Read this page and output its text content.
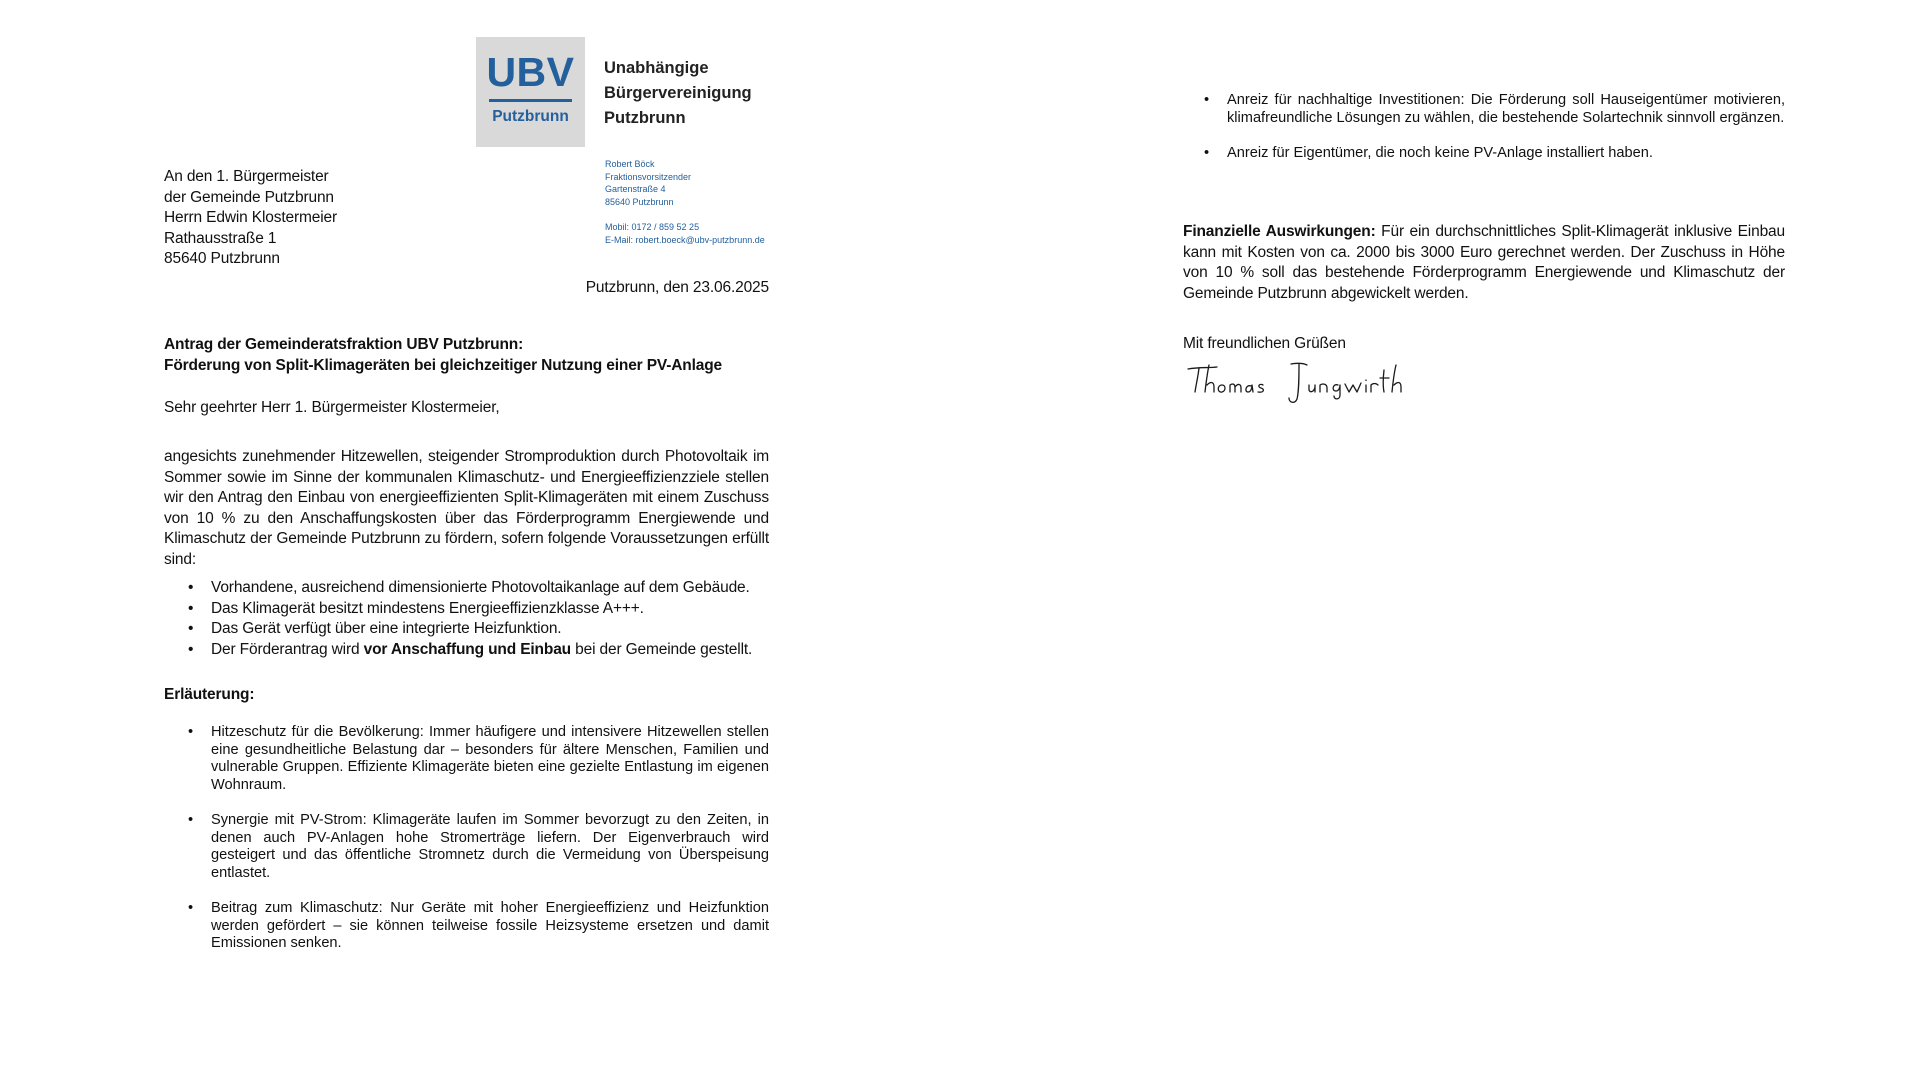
UBV
Putzbrunn
Unabhängige
Bürgervereinigung
Putzbrunn
Robert Böck
Fraktionsvorsitzender
Gartenstraße 4
85640 Putzbrunn
Mobil: 0172 / 859 52 25
E-Mail: robert.boeck@ubv-putzbrunn.de
An den 1. Bürgermeister
der Gemeinde Putzbrunn
Herrn Edwin Klostermeier
Rathausstraße 1
85640 Putzbrunn
Putzbrunn, den 23.06.2025
Antrag der Gemeinderatsfraktion UBV Putzbrunn:
Förderung von Split-Klimageräten bei gleichzeitiger Nutzung einer PV-Anlage
Sehr geehrter Herr 1. Bürgermeister Klostermeier,
angesichts zunehmender Hitzewellen, steigender Stromproduktion durch Photovoltaik im Sommer sowie im Sinne der kommunalen Klimaschutz- und Energieeffizienzziele stellen wir den Antrag den Einbau von energieeffizienten Split-Klimageräten mit einem Zuschuss von 10 % zu den Anschaffungskosten über das Förderprogramm Energiewende und Klimaschutz der Gemeinde Putzbrunn zu fördern, sofern folgende Voraussetzungen erfüllt sind:
• Vorhandene, ausreichend dimensionierte Photovoltaikanlage auf dem Gebäude.
• Das Klimagerät besitzt mindestens Energieeffizienzklasse A+++.
• Das Gerät verfügt über eine integrierte Heizfunktion.
• Der Förderantrag wird vor Anschaffung und Einbau bei der Gemeinde gestellt.
Erläuterung:
• Hitzeschutz für die Bevölkerung: Immer häufigere und intensivere Hitzewellen stellen eine gesundheitliche Belastung dar – besonders für ältere Menschen, Familien und vulnerable Gruppen. Effiziente Klimageräte bieten eine gezielte Entlastung im eigenen Wohnraum.
• Synergie mit PV-Strom: Klimageräte laufen im Sommer bevorzugt zu den Zeiten, in denen auch PV-Anlagen hohe Stromerträge liefern. Der Eigenverbrauch wird gesteigert und das öffentliche Stromnetz durch die Vermeidung von Überspeisung entlastet.
• Beitrag zum Klimaschutz: Nur Geräte mit hoher Energieeffizienz und Heizfunktion werden gefördert – sie können teilweise fossile Heizsysteme ersetzen und damit Emissionen senken.
• Anreiz für nachhaltige Investitionen: Die Förderung soll Hauseigentümer motivieren, klimafreundliche Lösungen zu wählen, die bestehende Solartechnik sinnvoll ergänzen.
• Anreiz für Eigentümer, die noch keine PV-Anlage installiert haben.
Finanzielle Auswirkungen: Für ein durchschnittliches Split-Klimagerät inklusive Einbau kann mit Kosten von ca. 2000 bis 3000 Euro gerechnet werden. Der Zuschuss in Höhe von 10 % soll das bestehende Förderprogramm Energiewende und Klimaschutz der Gemeinde Putzbrunn abgewickelt werden.
Mit freundlichen Grüßen
